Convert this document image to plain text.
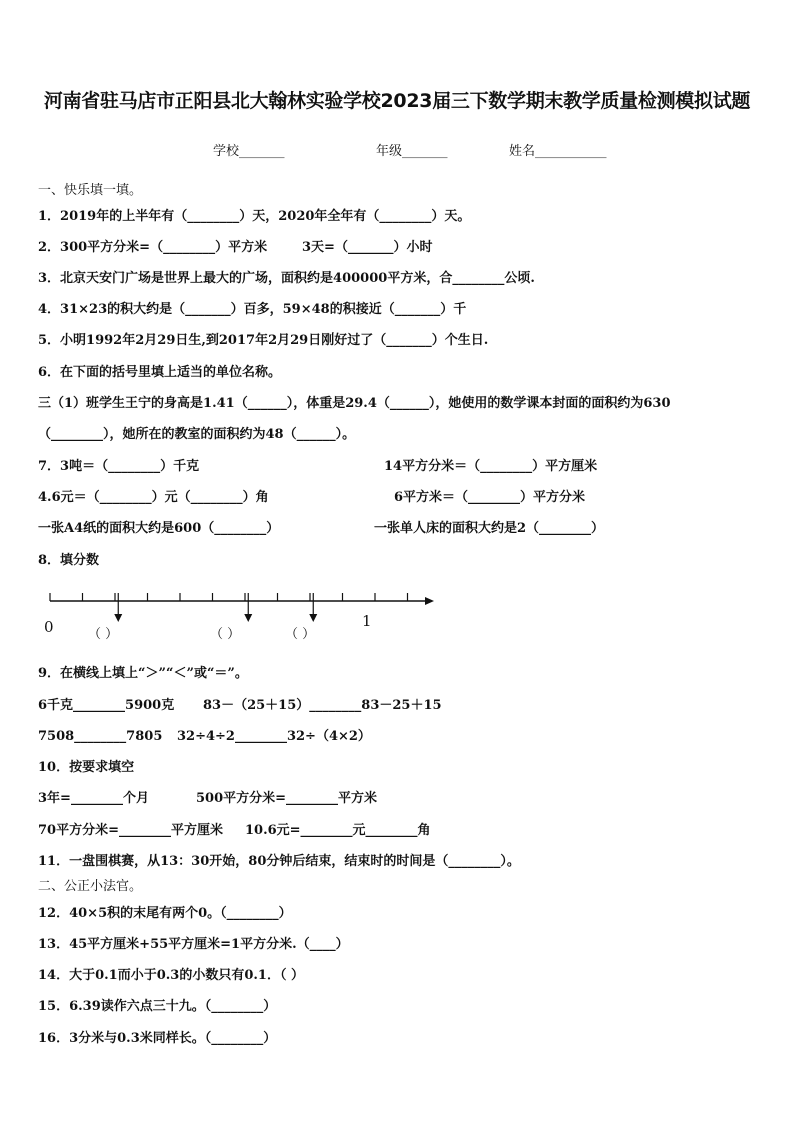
河南省驻马店市正阳县北大翰林实验学校2023届三下数学期末教学质量检测模拟试题
学校_______	年级_______	姓名___________
一、快乐填一填。
1．2019年的上半年有（________）天，2020年全年有（________）天。
2．300平方分米=（________）平方米	3天=（_______）小时
3．北京天安门广场是世界上最大的广场，面积约是400000平方米，合________公顷.
4．31×23的积大约是（_______）百多，59×48的积接近（_______）千
5．小明1992年2月29日生,到2017年2月29日刚好过了（_______）个生日.
6．在下面的括号里填上适当的单位名称。
三（1）班学生王宁的身高是1.41（______），体重是29.4（______），她使用的数学课本封面的面积约为630
（________），她所在的教室的面积约为48（______）。
7．3吨＝（________）千克	14平方分米＝（________）平方厘米
4.6元＝（________）元（________）角	6平方米＝（________）平方分米
一张A4纸的面积大约是600（________）	一张单人床的面积大约是2（________）
8．填分数
0	1
（ ）	（ ）	（ ）
9．在横线上填上“＞”“＜”或“＝”。
6千克________5900克 83－（25＋15）________83－25＋15
7508________7805 32÷4÷2________32÷（4×2）
10．按要求填空
3年=________个月	500平方分米=________平方米
70平方分米=________平方厘米 10.6元=________元________角
11．一盘围棋赛，从13：30开始，80分钟后结束，结束时的时间是（________）。
二、公正小法官。
12．40×5积的末尾有两个0。（________）
13．45平方厘米+55平方厘米=1平方分米.（____）
14．大于0.1而小于0.3的小数只有0.1．（ ）
15．6.39读作六点三十九。（________）
16．3分米与0.3米同样长。（________）
